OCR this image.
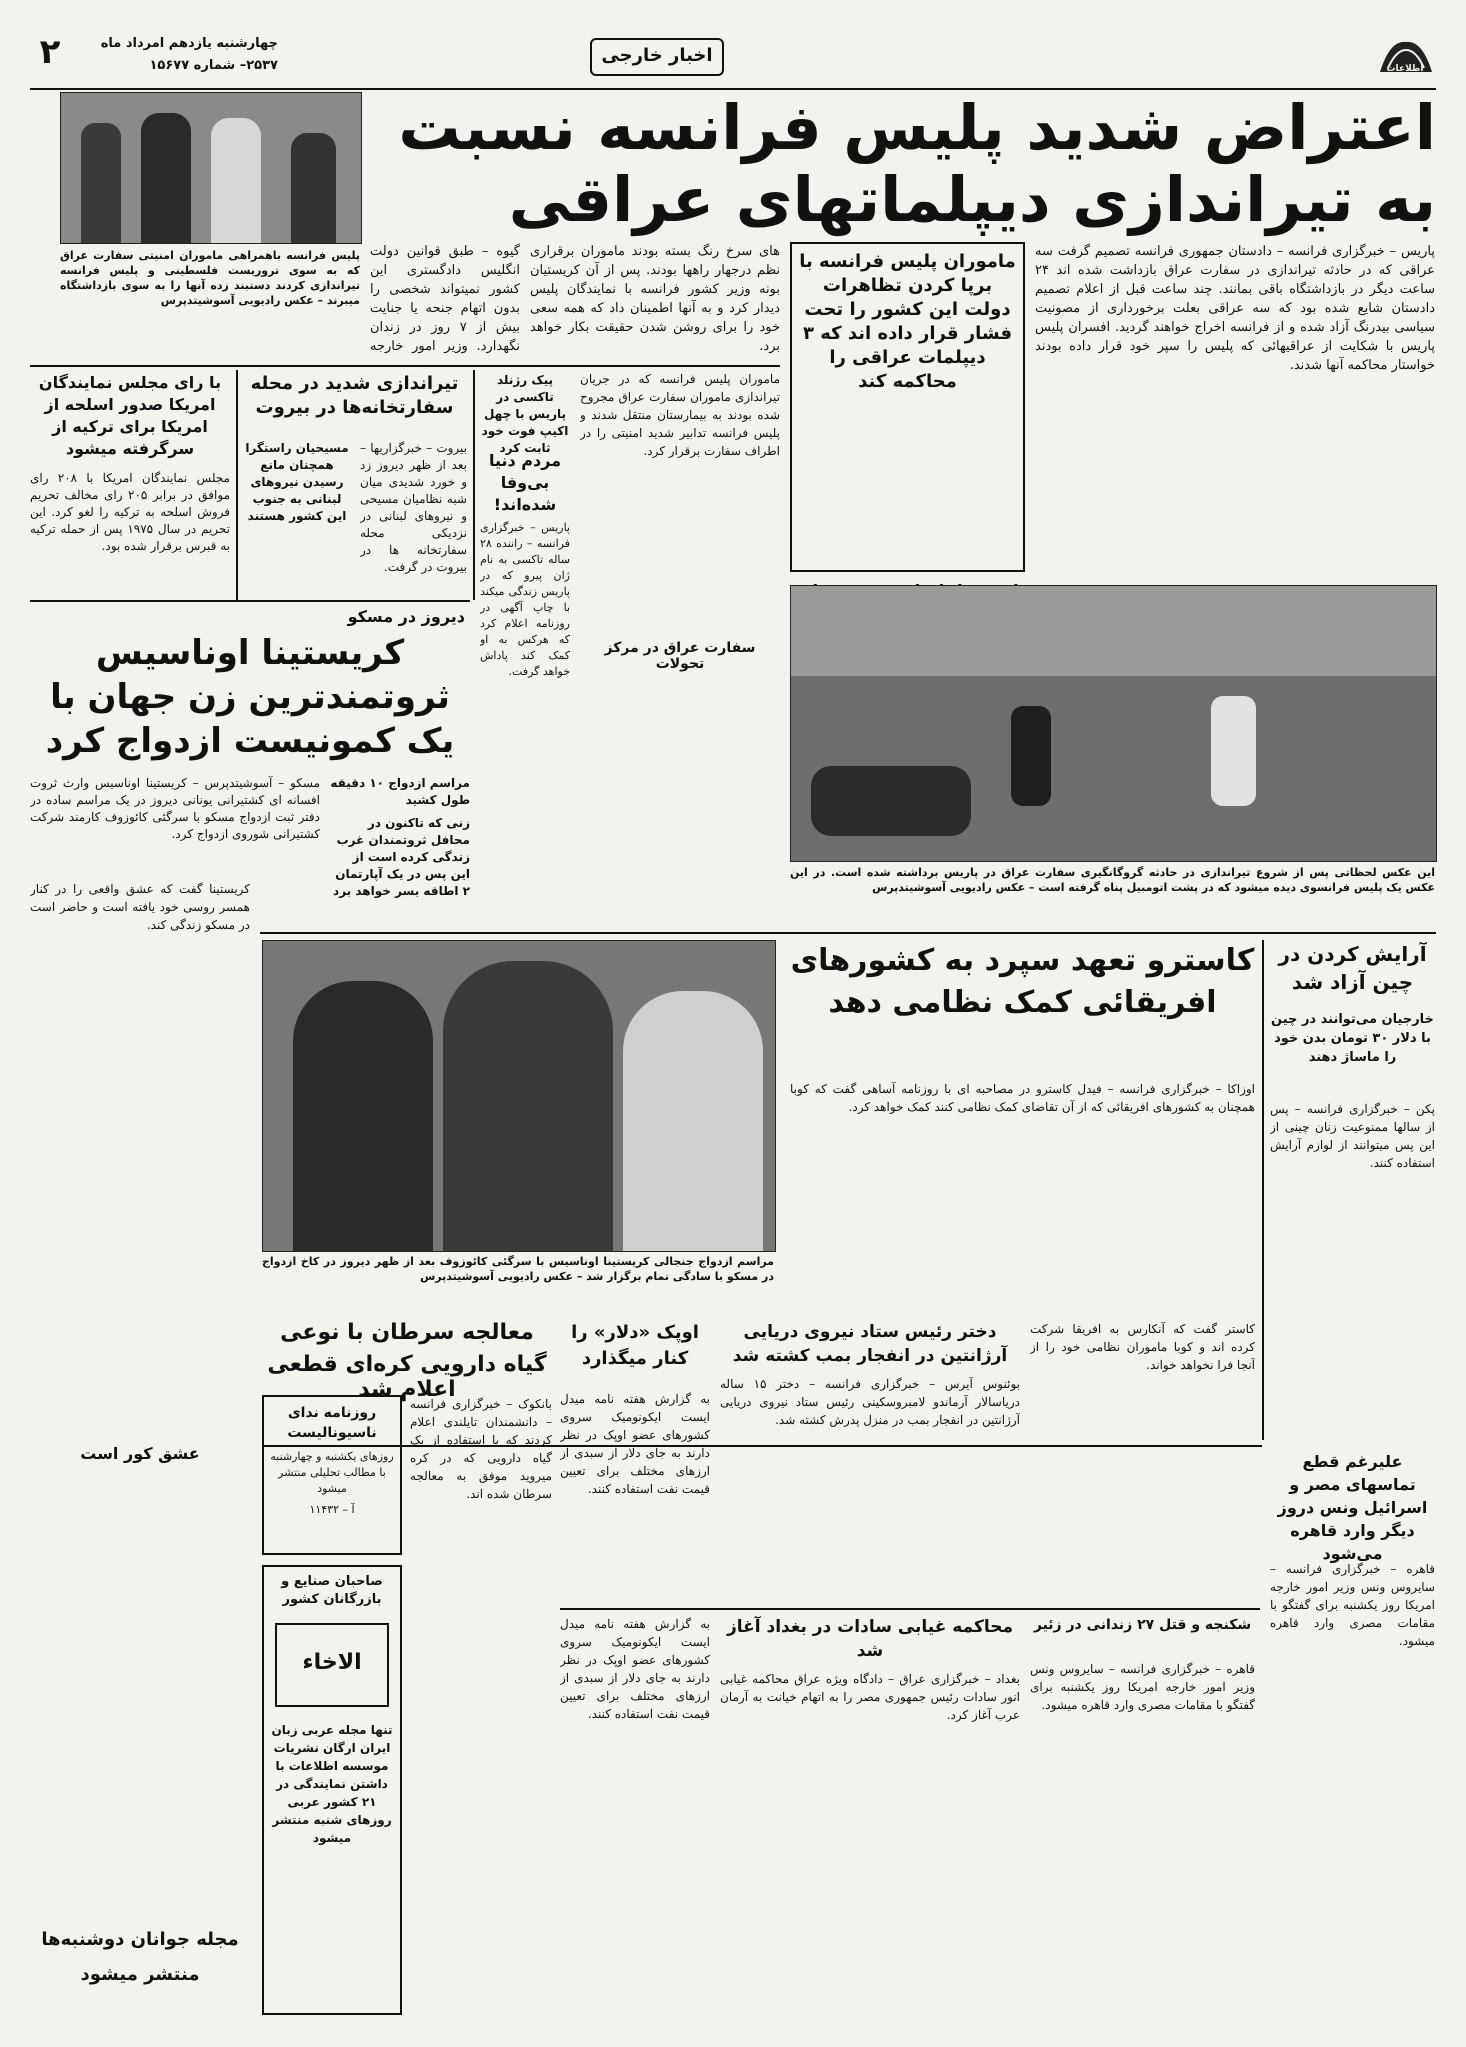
۲	چهارشنبه یازدهم امرداد ماه
۲۵۳۷– شماره ۱۵۶۷۷	اخبار خارجی
اطلاعات
اعتراض شدید پلیس فرانسه نسبت
به تیراندازی دیپلماتهای عراقی
پلیس فرانسه باهمراهی ماموران امنیتی سفارت عراق که به سوی تروریست فلسطینی و پلیس فرانسه تیراندازی کردند دستبند زده آنها را به سوی بازداشتگاه میبرند – عکس رادیویی آسوشیتدپرس
پاریس – خبرگزاری فرانسه – دادستان جمهوری فرانسه تصمیم گرفت سه عراقی که در حادثه تیراندازی در سفارت عراق بازداشت شده اند ۲۴ ساعت دیگر در بازداشتگاه باقی بمانند. چند ساعت قبل از اعلام تصمیم دادستان شایع شده بود که سه عراقی بعلت برخورداری از مصونیت سیاسی بیدرنگ آزاد شده و از فرانسه اخراج خواهند گردید. افسران پلیس پاریس با شکایت از عراقیهائی که پلیس را سپر خود قرار داده بودند خواستار محاکمه آنها شدند.
ماموران پلیس فرانسه با برپا کردن تظاهرات دولت این کشور را تحت فشار قرار داده اند که ۳ دیپلمات عراقی را محاکمه کند
های سرخ رنگ بسته بودند ماموران برقراری نظم درجهار راهها بودند. پس از آن کریستیان بونه وزیر کشور فرانسه با نمایندگان پلیس دیدار کرد و به آنها اطمینان داد که همه سعی خود را برای روشن شدن حقیقت بکار خواهد برد.
گیوه – طبق قوانین دولت انگلیس دادگستری این کشور نمیتواند شخصی را بدون اتهام جنحه یا جنایت بیش از ۷ روز در زندان نگهدارد. وزیر امور خارجه
با رای مجلس نمایندگان امریکا صدور اسلحه از امریکا برای ترکیه از سرگرفته میشود
مجلس نمایندگان امریکا با ۲۰۸ رای موافق در برابر ۲۰۵ رای مخالف تحریم فروش اسلحه به ترکیه را لغو کرد. این تحریم در سال ۱۹۷۵ پس از حمله ترکیه به قبرس برقرار شده بود.
تیراندازی شدید در محله سفارتخانه‌ها در بیروت
مسیحیان راستگرا همچنان مانع رسیدن نیروهای لبنانی به جنوب این کشور هستند
بیروت – خبرگزاریها – بعد از ظهر دیروز زد و خورد شدیدی میان شبه نظامیان مسیحی و نیروهای لبنانی در نزدیکی محله سفارتخانه ها در بیروت در گرفت.
پیک رژنلد تاکسی در پاریس با چهل اکیپ فوت خود ثابت کرد
مردم دنیا بی‌وفا شده‌اند!
پاریس – خبرگزاری فرانسه – راننده ۲۸ ساله تاکسی به نام ژان پیرو که در پاریس زندگی میکند با چاپ آگهی در روزنامه اعلام کرد که هرکس به او کمک کند پاداش خواهد گرفت.
ماموران پلیس فرانسه که در جریان تیراندازی ماموران سفارت عراق مجروح شده بودند به بیمارستان منتقل شدند و پلیس فرانسه تدابیر شدید امنیتی را در اطراف سفارت برقرار کرد.
سفارت عراق در مرکز تحولات
دیروز در مسکو
کریستینا اوناسیس
ثروتمندترین زن جهان با
یک کمونیست ازدواج کرد
مراسم ازدواج ۱۰ دقیقه طول کشید
زنی که تاکنون در محافل ثروتمندان غرب زندگی کرده است از این پس در یک آپارتمان ۲ اطاقه بسر خواهد برد
مسکو – آسوشیتدپرس – کریستینا اوناسیس وارث ثروت افسانه ای کشتیرانی یونانی دیروز در یک مراسم ساده در دفتر ثبت ازدواج مسکو با سرگئی کائوزوف کارمند شرکت کشتیرانی شوروی ازدواج کرد.
این عکس لحظاتی پس از شروع تیراندازی در حادثه گروگانگیری سفارت عراق در پاریس برداشته شده است. در این عکس یک پلیس فرانسوی دیده میشود که در پشت اتومبیل پناه گرفته است – عکس رادیویی آسوشیتدپرس
مراسم ازدواج جنجالی کریستینا اوناسیس با سرگئی کائوزوف بعد از ظهر دیروز در کاخ ازدواج در مسکو با سادگی تمام برگزار شد – عکس رادیویی آسوشیتدپرس
کریستینا گفت که عشق واقعی را در کنار همسر روسی خود یافته است و حاضر است در مسکو زندگی کند.
عشق کور است
کاسترو تعهد سپرد به کشورهای افریقائی کمک نظامی دهد
اوزاکا – خبرگزاری فرانسه – فیدل کاسترو در مصاحبه ای با روزنامه آساهی گفت که کوبا همچنان به کشورهای افریقائی که از آن تقاضای کمک نظامی کنند کمک خواهد کرد.
آرایش کردن در چین آزاد شد
خارجیان می‌توانند در چین با دلار ۳۰ تومان بدن خود را ماساژ دهند
پکن – خبرگزاری فرانسه – پس از سالها ممنوعیت زنان چینی از این پس میتوانند از لوازم آرایش استفاده کنند.
اوپک «دلار» را کنار میگذارد
به گزارش هفته نامه میدل ایست ایکونومیک سروی کشورهای عضو اوپک در نظر دارند به جای دلار از سبدی از ارزهای مختلف برای تعیین قیمت نفت استفاده کنند.
دختر رئیس ستاد نیروی دریایی آرژانتین در انفجار بمب کشته شد
بوئنوس آیرس – خبرگزاری فرانسه – دختر ۱۵ ساله دریاسالار آرماندو لامبروسکینی رئیس ستاد نیروی دریایی آرژانتین در انفجار بمب در منزل پدرش کشته شد.
کاستر گفت که آنکارس به افریقا شرکت کرده اند و کوبا ماموران نظامی خود را از آنجا فرا نخواهد خواند.
معالجه سرطان با نوعی
گیاه دارویی کره‌ای قطعی اعلام شد
بانکوک – خبرگزاری فرانسه – دانشمندان تایلندی اعلام کردند که با استفاده از یک گیاه دارویی که در کره میروید موفق به معالجه سرطان شده اند.
روزنامه ندای ناسیونالیست
روزهای یکشنبه و چهارشنبه با مطالب تحلیلی منتشر میشود
آ – ۱۱۴۳۲
صاحبان صنایع و بازرگانان کشور
الاخاء
تنها مجله عربی زبان ایران ارگان نشریات موسسه اطلاعات با داشتن نمایندگی در ۲۱ کشور عربی روزهای شنبه منتشر میشود
محاکمه غیابی سادات در بغداد آغاز شد
بغداد – خبرگزاری عراق – دادگاه ویژه عراق محاکمه غیابی انور سادات رئیس جمهوری مصر را به اتهام خیانت به آرمان عرب آغاز کرد.
شکنجه و قتل ۲۷ زندانی در زئیر
قاهره – خبرگزاری فرانسه – سایروس ونس وزیر امور خارجه امریکا روز یکشنبه برای گفتگو با مقامات مصری وارد قاهره میشود.
به گزارش هفته نامه میدل ایست ایکونومیک سروی کشورهای عضو اوپک در نظر دارند به جای دلار از سبدی از ارزهای مختلف برای تعیین قیمت نفت استفاده کنند.
علیرغم قطع تماسهای مصر و اسرائیل ونس دروز دیگر وارد قاهره می‌شود
قاهره – خبرگزاری فرانسه – سایروس ونس وزیر امور خارجه امریکا روز یکشنبه برای گفتگو با مقامات مصری وارد قاهره میشود.
مجله جوانان دوشنبه‌ها
منتشر میشود
